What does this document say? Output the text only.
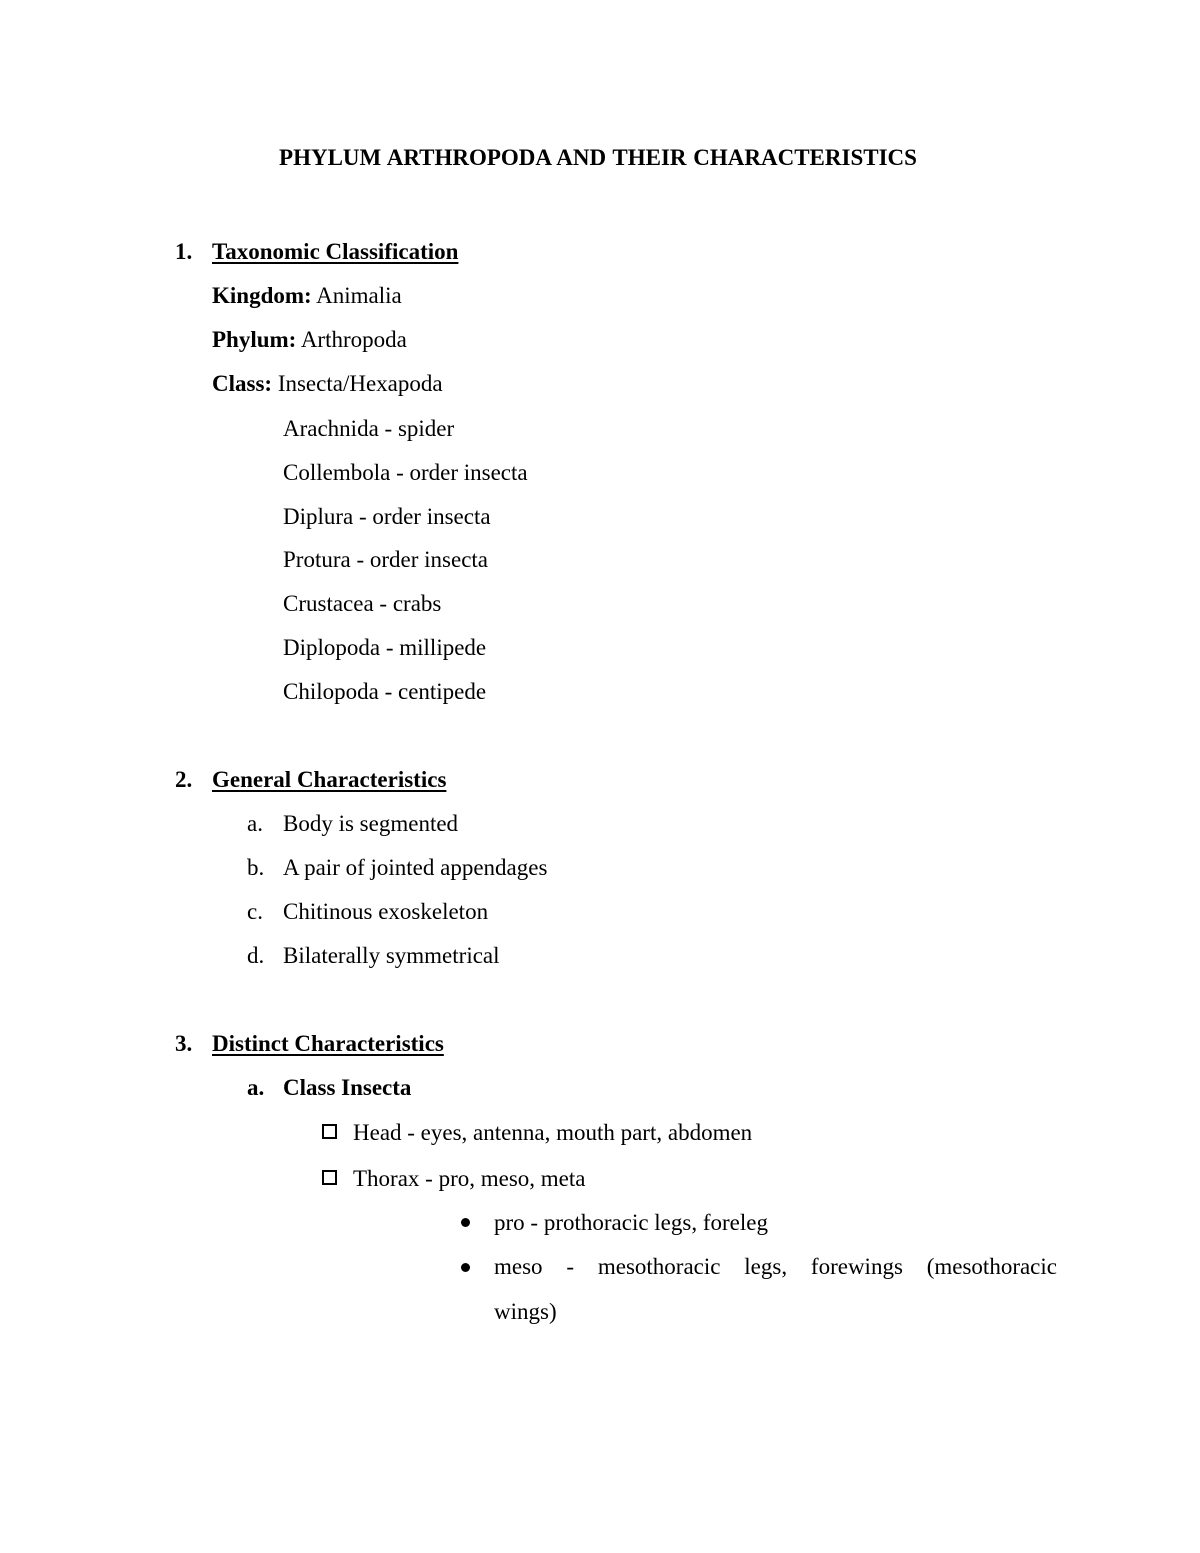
PHYLUM ARTHROPODA AND THEIR CHARACTERISTICS
1. Taxonomic Classification
Kingdom: Animalia
Phylum: Arthropoda
Class: Insecta/Hexapoda
Arachnida - spider
Collembola - order insecta
Diplura - order insecta
Protura - order insecta
Crustacea - crabs
Diplopoda - millipede
Chilopoda - centipede
2. General Characteristics
a. Body is segmented
b. A pair of jointed appendages
c. Chitinous exoskeleton
d. Bilaterally symmetrical
3. Distinct Characteristics
a. Class Insecta
Head - eyes, antenna, mouth part, abdomen
Thorax - pro, meso, meta
pro - prothoracic legs, foreleg
meso - mesothoracic legs, forewings (mesothoracic
wings)
